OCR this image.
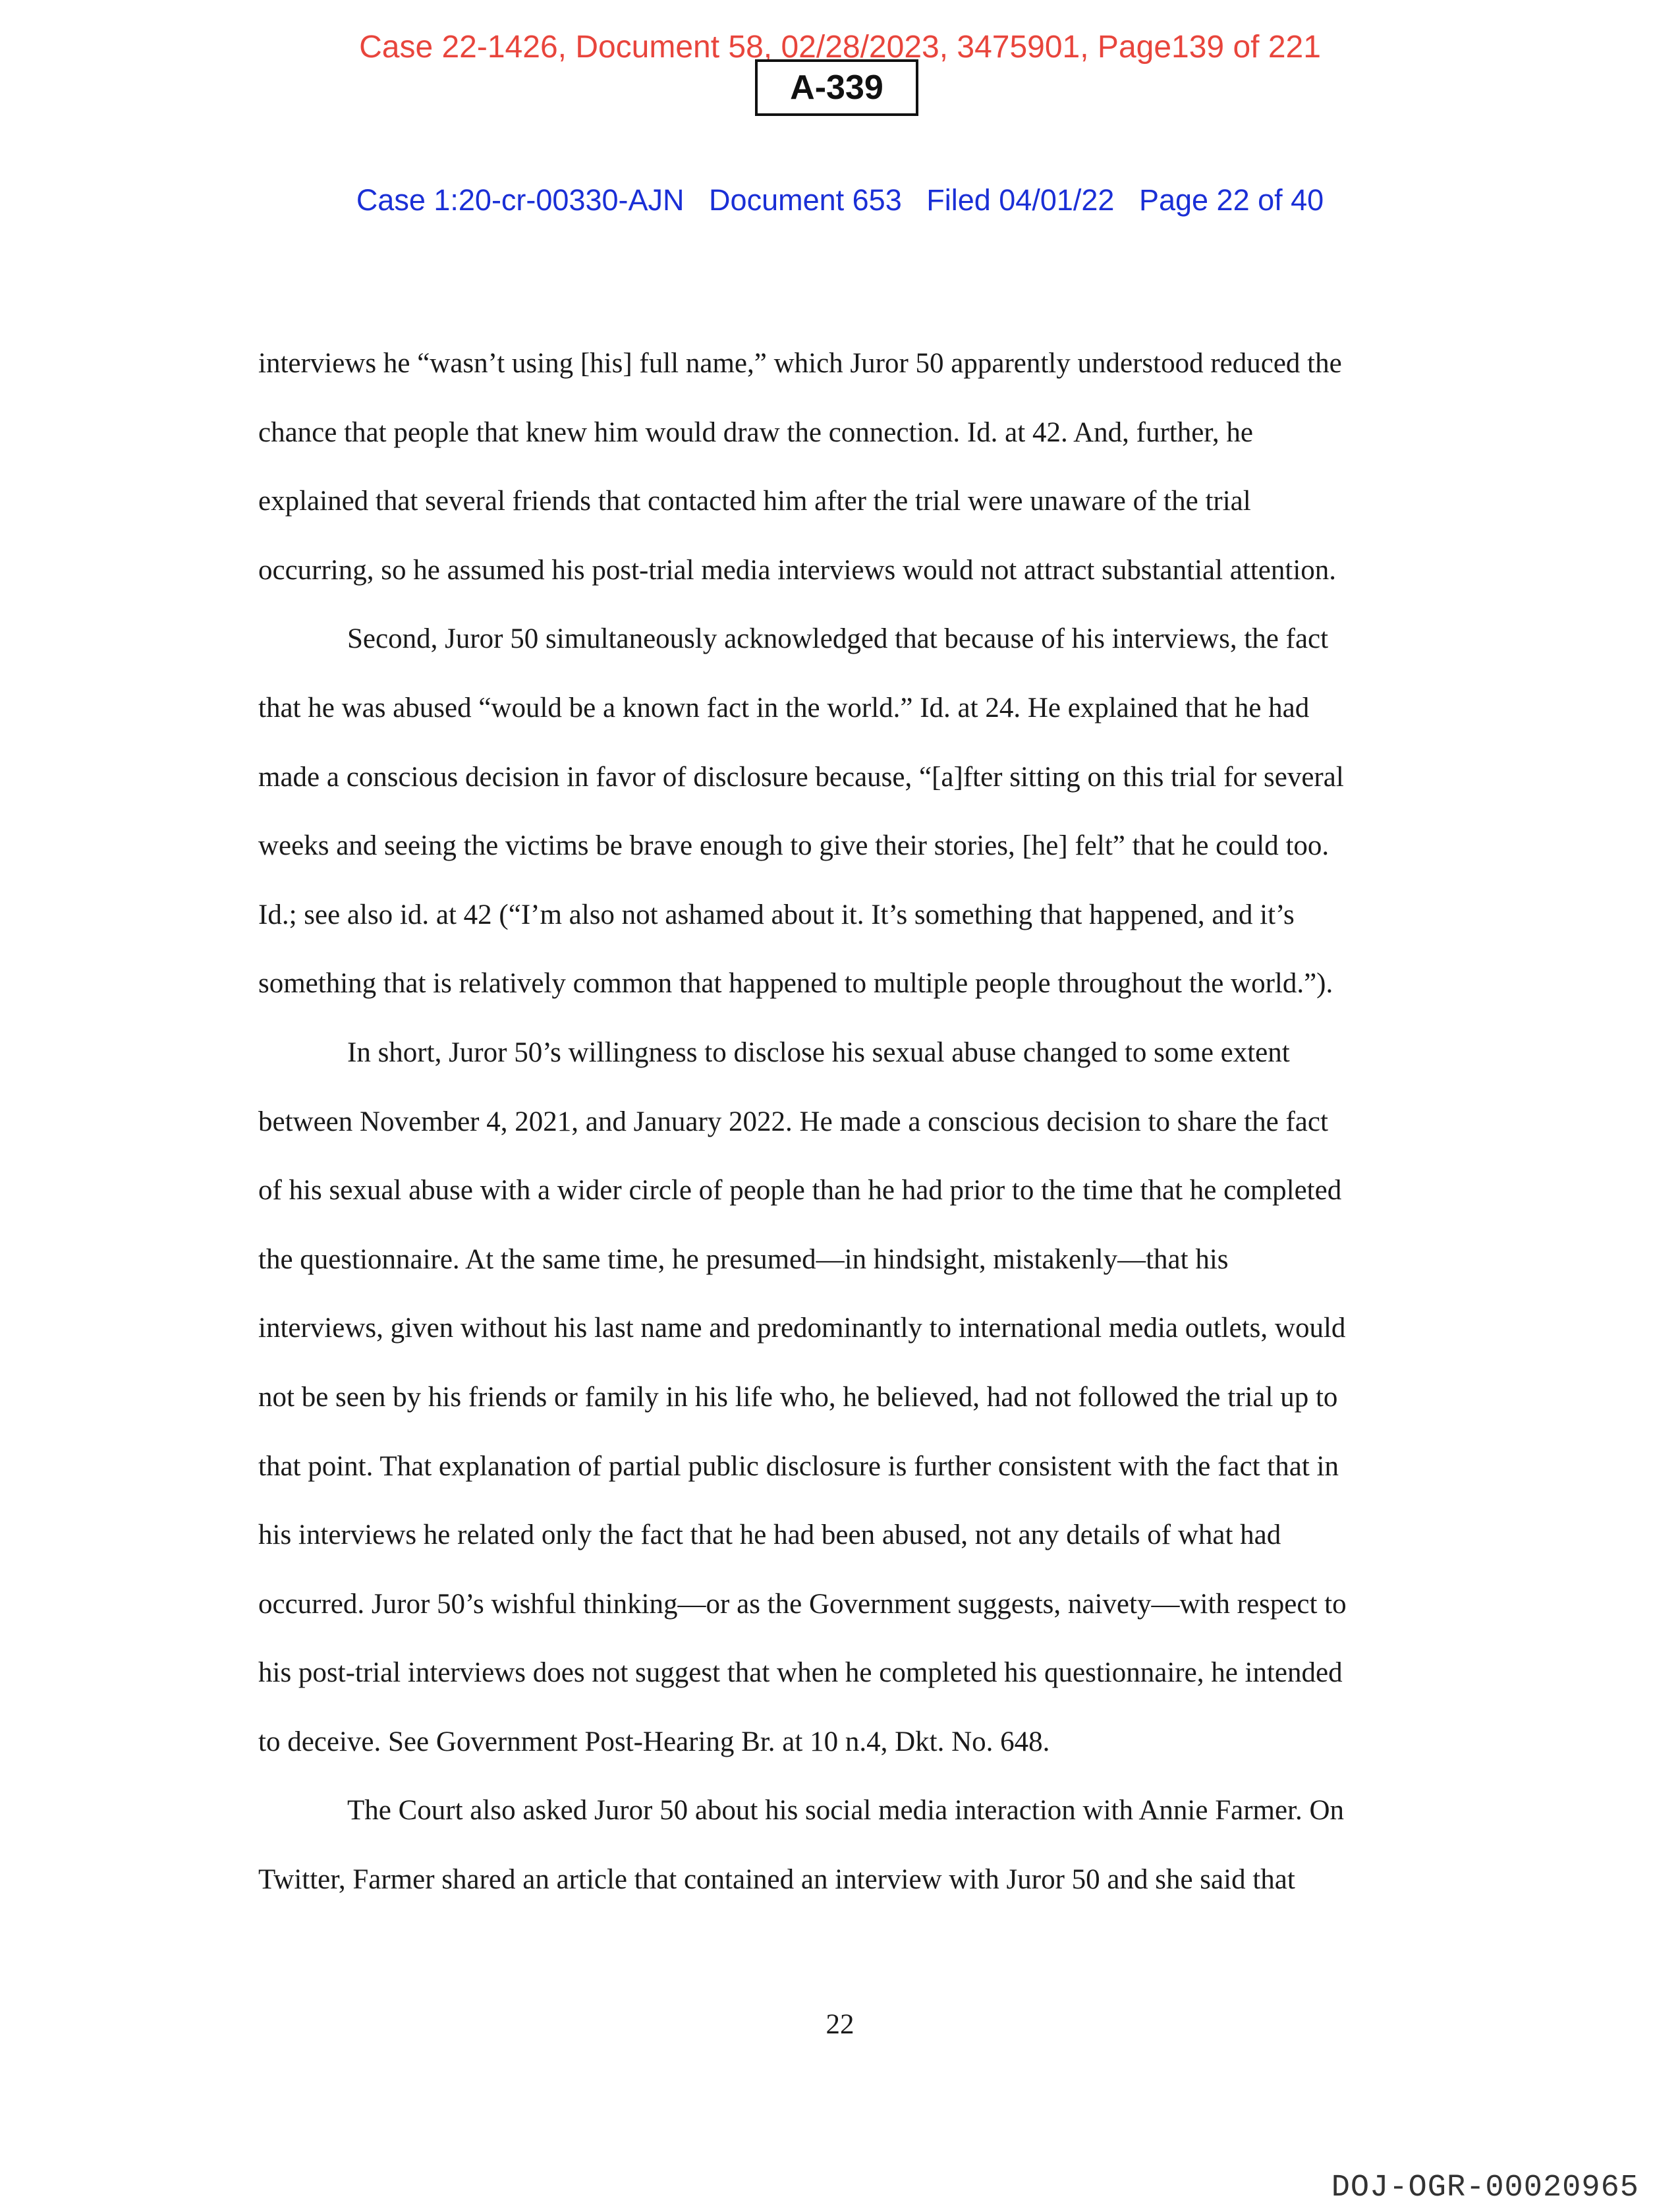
Case 22-1426, Document 58, 02/28/2023, 3475901, Page139 of 221
A-339
Case 1:20-cr-00330-AJN   Document 653   Filed 04/01/22   Page 22 of 40
interviews he “wasn’t using [his] full name,” which Juror 50 apparently understood reduced the
chance that people that knew him would draw the connection. Id. at 42. And, further, he
explained that several friends that contacted him after the trial were unaware of the trial
occurring, so he assumed his post-trial media interviews would not attract substantial attention.
Second, Juror 50 simultaneously acknowledged that because of his interviews, the fact
that he was abused “would be a known fact in the world.” Id. at 24. He explained that he had
made a conscious decision in favor of disclosure because, “[a]fter sitting on this trial for several
weeks and seeing the victims be brave enough to give their stories, [he] felt” that he could too.
Id.; see also id. at 42 (“I’m also not ashamed about it. It’s something that happened, and it’s
something that is relatively common that happened to multiple people throughout the world.”).
In short, Juror 50’s willingness to disclose his sexual abuse changed to some extent
between November 4, 2021, and January 2022. He made a conscious decision to share the fact
of his sexual abuse with a wider circle of people than he had prior to the time that he completed
the questionnaire. At the same time, he presumed—in hindsight, mistakenly—that his
interviews, given without his last name and predominantly to international media outlets, would
not be seen by his friends or family in his life who, he believed, had not followed the trial up to
that point. That explanation of partial public disclosure is further consistent with the fact that in
his interviews he related only the fact that he had been abused, not any details of what had
occurred. Juror 50’s wishful thinking—or as the Government suggests, naivety—with respect to
his post-trial interviews does not suggest that when he completed his questionnaire, he intended
to deceive. See Government Post-Hearing Br. at 10 n.4, Dkt. No. 648.
The Court also asked Juror 50 about his social media interaction with Annie Farmer. On
Twitter, Farmer shared an article that contained an interview with Juror 50 and she said that
22
DOJ-OGR-00020965
